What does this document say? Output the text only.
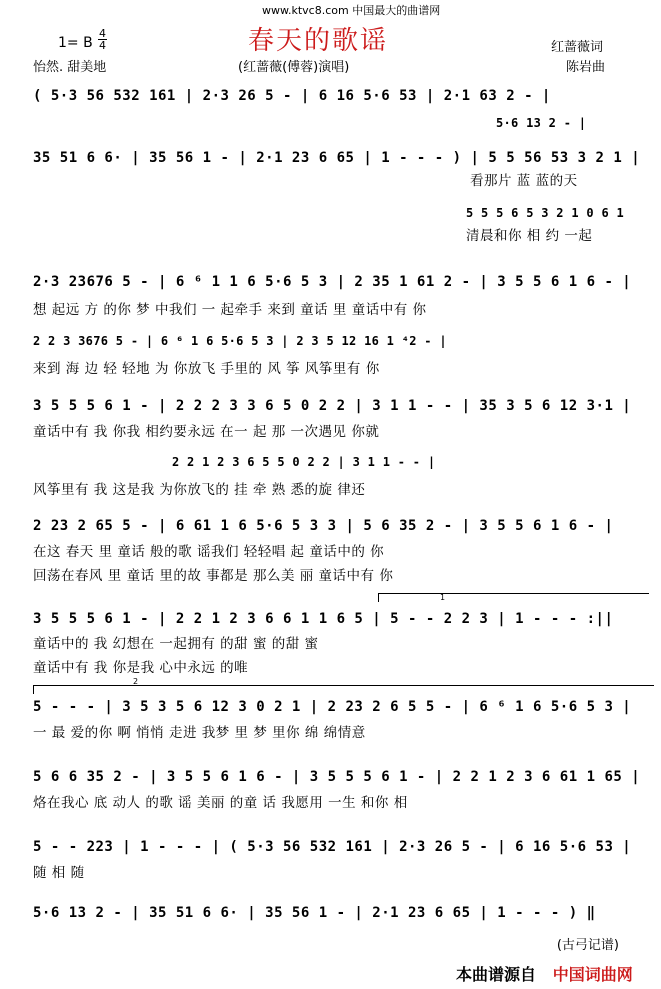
www.ktvc8.com 中国最大的曲谱网
春天的歌谣
1= B
4
4
怡然. 甜美地	(红蔷薇(傅蓉)演唱)
红蔷薇词
陈岩曲
( 5·3 56 532 161 | 2·3 26 5 - | 6 16 5·6 53 | 2·1 63 2 - |
5·6 13 2 - |
35 51 6 6· | 35 56 1 - | 2·1 23 6 65 | 1 - - - ) | 5 5 56 53 3 2 1 |
5 5 5 6 5 3 2 1 0 6 1
2·3 23676 5 - | 6 ⁶ 1 1 6 5·6 5 3 | 2 35 1 61 2 - | 3 5 5 6 1 6 - |
2 2 3 3676 5 - | 6 ⁶ 1 6 5·6 5 3 | 2 3 5 12 16 1 ⁴2 - |
3 5 5 5 6 1 - | 2 2 2 3 3 6 5 0 2 2 | 3 1 1 - - | 35 3 5 6 12 3·1 |
2 2 1 2 3 6 5 5 0 2 2 | 3 1 1 - - |
2 23 2 65 5 - | 6 61 1 6 5·6 5 3 3 | 5 6 35 2 - | 3 5 5 6 1 6 - |
3 5 5 5 6 1 - | 2 2 1 2 3 6 6 1 1 6 5 | 5 - - 2 2 3 | 1 - - - :||
5 - - - | 3 5 3 5 6 12 3 0 2 1 | 2 23 2 6 5 5 - | 6 ⁶ 1 6 5·6 5 3 |
5 6 6 35 2 - | 3 5 5 6 1 6 - | 3 5 5 5 6 1 - | 2 2 1 2 3 6 61 1 65 |
5 - - 223 | 1 - - - | ( 5·3 56 532 161 | 2·3 26 5 - | 6 16 5·6 53 |
5·6 13 2 - | 35 51 6 6· | 35 56 1 - | 2·1 23 6 65 | 1 - - - ) ‖
看那片 蓝 蓝的天
清晨和你 相 约 一起
想 起远 方 的你 梦 中我们 一 起牵手 来到 童话 里 童话中有 你
来到 海 边 轻 轻地 为 你放飞 手里的 风 筝 风筝里有 你
童话中有 我 你我 相约要永远 在一 起 那 一次遇见 你就
风筝里有 我 这是我 为你放飞的 挂 牵 熟 悉的旋 律还
在这 春天 里 童话 般的歌 谣我们 轻轻唱 起 童话中的 你
回荡在春风 里 童话 里的故 事都是 那么美 丽 童话中有 你
童话中的 我 幻想在 一起拥有 的甜 蜜 的甜 蜜
童话中有 我 你是我 心中永远 的唯
一 最 爱的你 啊 悄悄 走进 我梦 里 梦 里你 绵 绵情意
烙在我心 底 动人 的歌 谣 美丽 的童 话 我愿用 一生 和你 相
随 相 随
1
2
(古弓记谱)
本曲谱源自 中国词曲网
